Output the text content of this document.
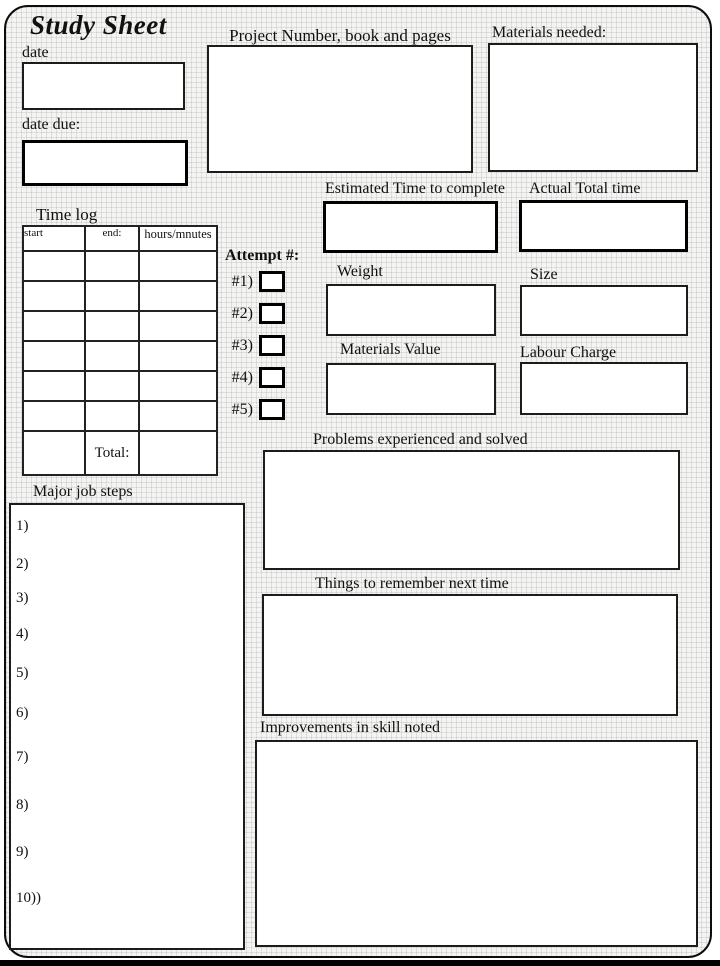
Study Sheet
date
date due:
Project Number, book and pages	Materials needed:
Estimated Time to complete Actual Total time
Time log
start	end:	hours/mnutes

	Total:	
Attempt #:
#1)
#2)
#3)
#4)
#5)
Weight	Size
Materials Value	Labour Charge
Problems experienced and solved
Things to remember next time
Improvements in skill noted
Major job steps
1)
2)
3)
4)
5)
6)
7)
8)
9)
10))
